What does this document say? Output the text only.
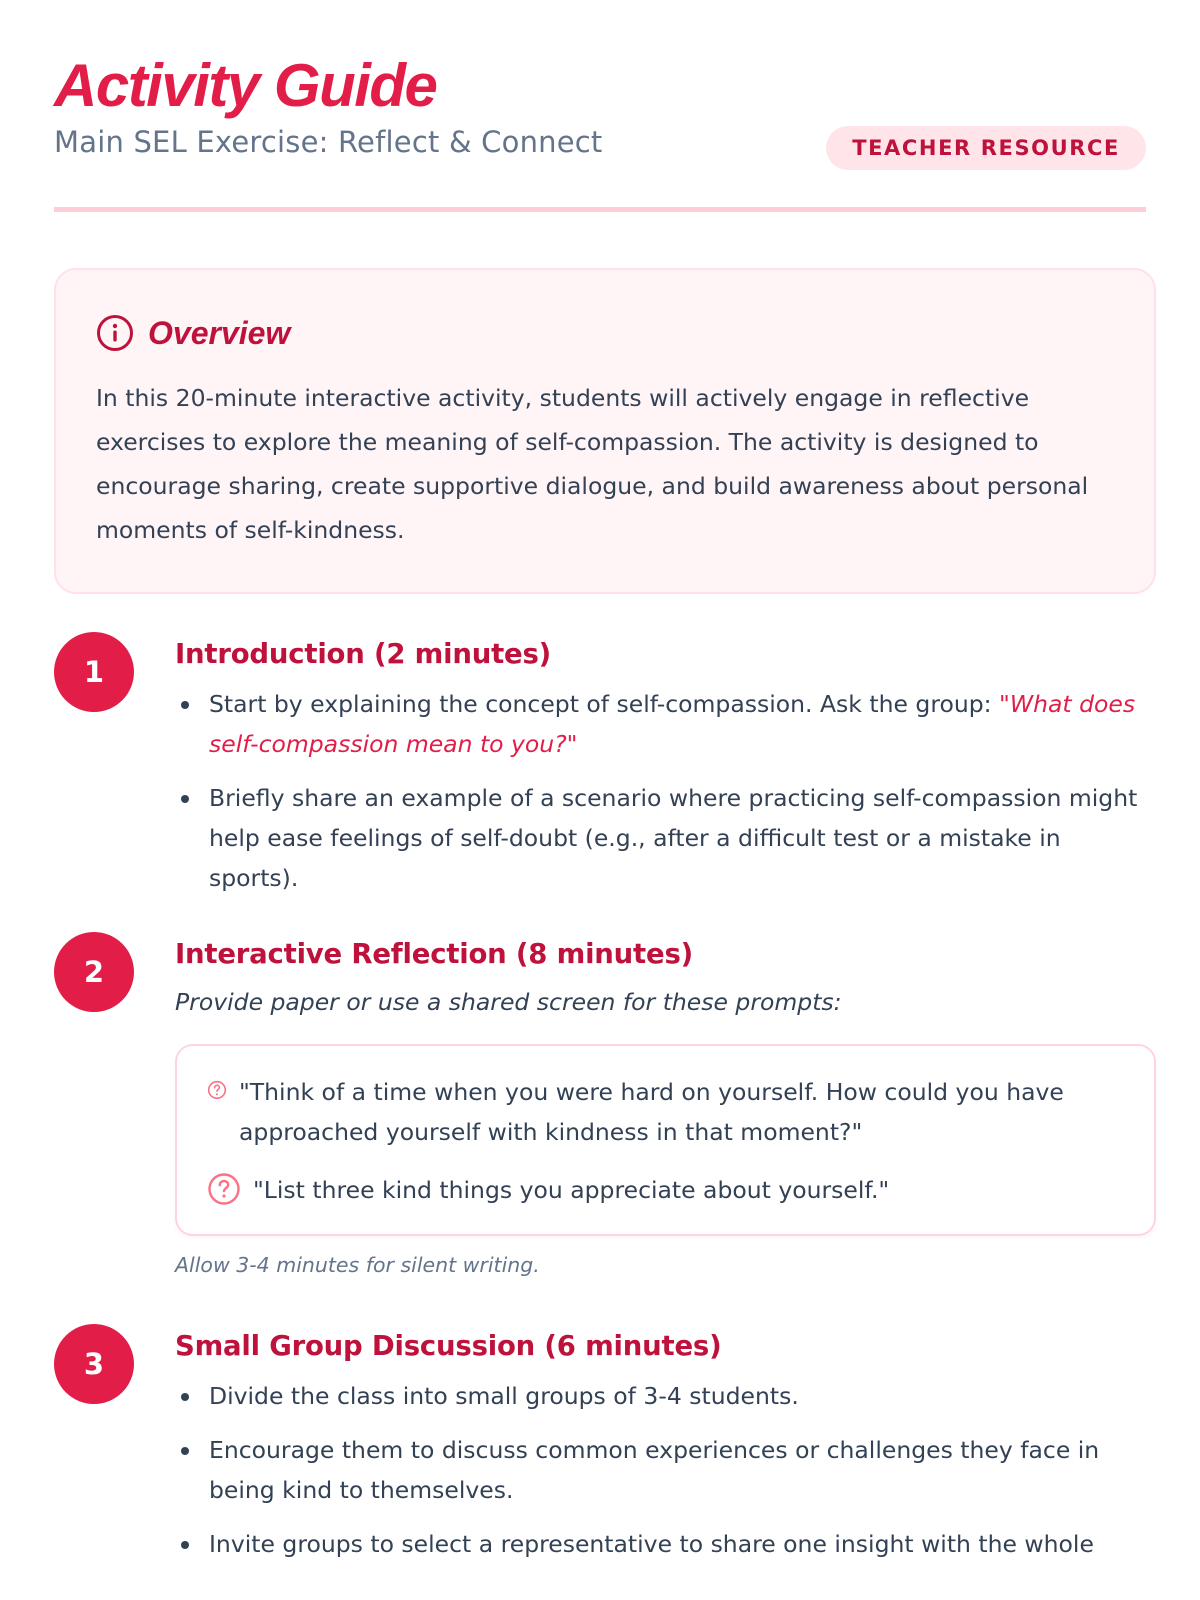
Activity Guide

Main SEL Exercise: Reflect & Connect	TEACHER RESOURCE
Overview

In this 20-minute interactive activity, students will actively engage in reflective exercises to explore the meaning of self-compassion. The activity is designed to encourage sharing, create supportive dialogue, and build awareness about personal moments of self-kindness.

1
Introduction (2 minutes)
Start by explaining the concept of self-compassion. Ask the group: "What does self-compassion mean to you?"
Briefly share an example of a scenario where practicing self-compassion might help ease feelings of self-doubt (e.g., after a difficult test or a mistake in sports).
2
Interactive Reflection (8 minutes)

Provide paper or use a shared screen for these prompts:

"Think of a time when you were hard on yourself. How could you have approached yourself with kindness in that moment?"
"List three kind things you appreciate about yourself."

Allow 3-4 minutes for silent writing.

3
Small Group Discussion (6 minutes)
Divide the class into small groups of 3-4 students.
Encourage them to discuss common experiences or challenges they face in being kind to themselves.
Invite groups to select a representative to share one insight with the whole
